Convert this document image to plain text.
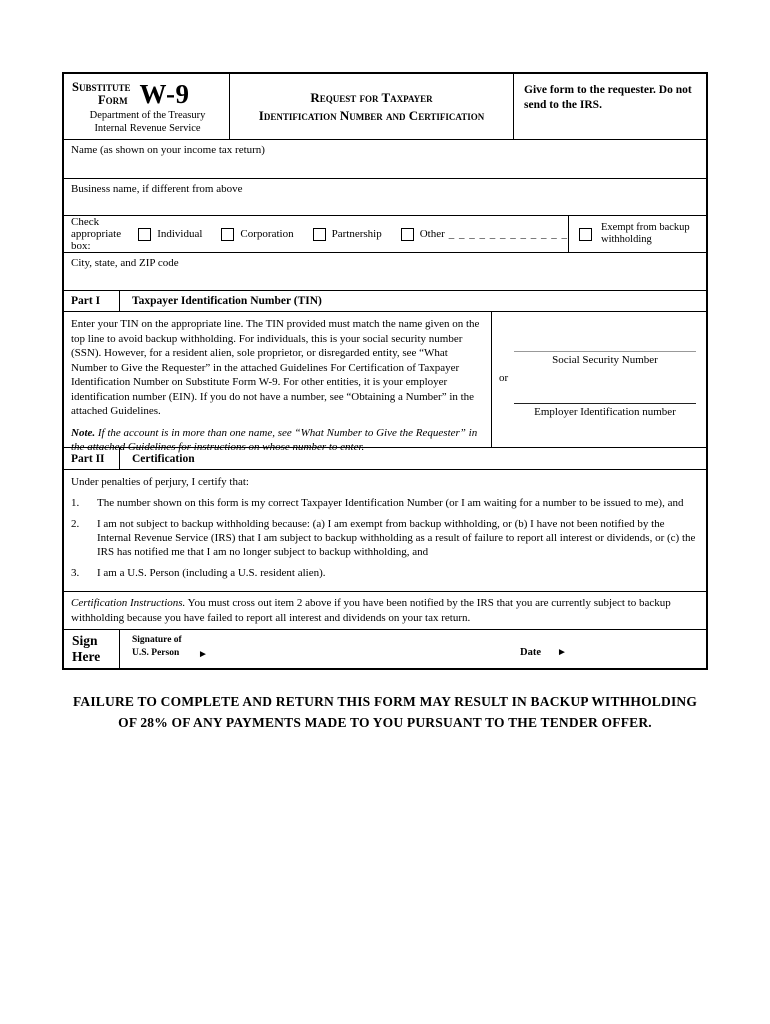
Substitute
Form W-9
Department of the Treasury
Internal Revenue Service
Request for Taxpayer
Identification Number and Certification
Give form to the requester. Do not send to the IRS.
Name (as shown on your income tax return)
Business name, if different from above
Check appropriate box:
Individual	Corporation	Partnership	Other _ _ _ _ _ _ _ _ _ _ _ _
Exempt from backup withholding
City, state, and ZIP code
Part I	Taxpayer Identification Number (TIN)
Enter your TIN on the appropriate line. The TIN provided must match the name given on the top line to avoid backup withholding. For individuals, this is your social security number (SSN). However, for a resident alien, sole proprietor, or disregarded entity, see “What Number to Give the Requester” in the attached Guidelines For Certification of Taxpayer Identification Number on Substitute Form W-9. For other entities, it is your employer identification number (EIN). If you do not have a number, see “Obtaining a Number” in the attached Guidelines.
Note. If the account is in more than one name, see “What Number to Give the Requester” in the attached Guidelines for instructions on whose number to enter.
Social Security Number
or
Employer Identification number
Part II	Certification
Under penalties of perjury, I certify that:
1.	The number shown on this form is my correct Taxpayer Identification Number (or I am waiting for a number to be issued to me), and
2.	I am not subject to backup withholding because: (a) I am exempt from backup withholding, or (b) I have not been notified by the Internal Revenue Service (IRS) that I am subject to backup withholding as a result of failure to report all interest or dividends, or (c) the IRS has notified me that I am no longer subject to backup withholding, and
3.	I am a U.S. Person (including a U.S. resident alien).
Certification Instructions. You must cross out item 2 above if you have been notified by the IRS that you are currently subject to backup withholding because you have failed to report all interest and dividends on your tax return.
Sign Here
Signature of
U.S. Person ►	Date ►
FAILURE TO COMPLETE AND RETURN THIS FORM MAY RESULT IN BACKUP WITHHOLDING
OF 28% OF ANY PAYMENTS MADE TO YOU PURSUANT TO THE TENDER OFFER.
